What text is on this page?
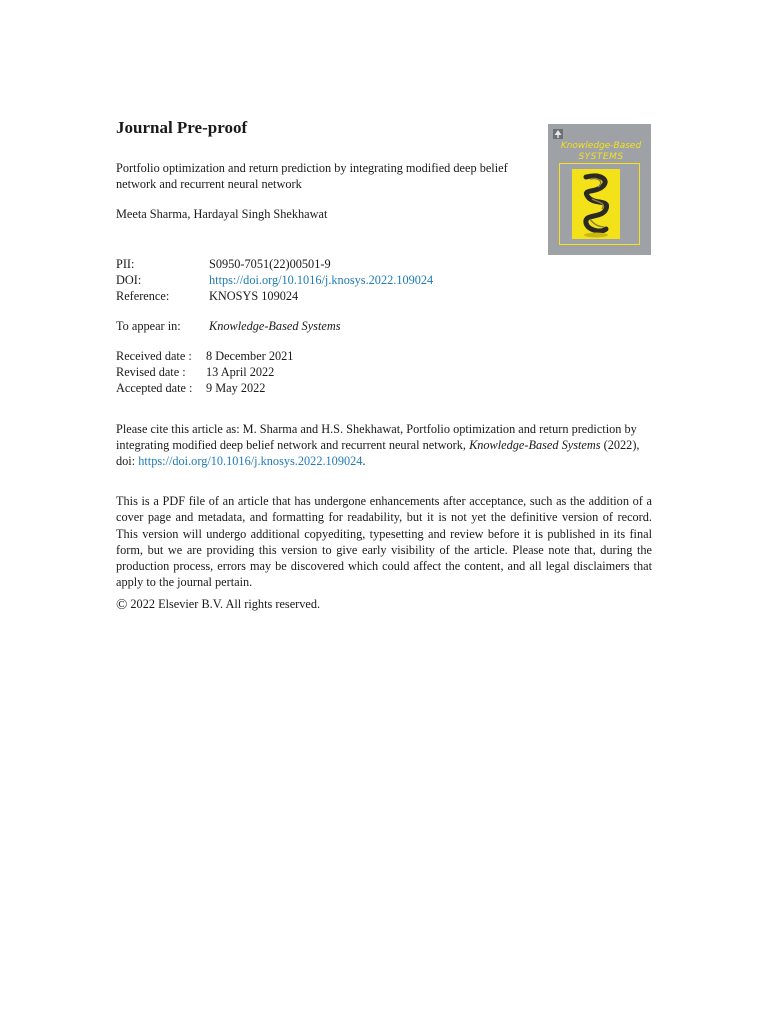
Journal Pre-proof

Portfolio optimization and return prediction by integrating modified deep belief network and recurrent neural network

Meeta Sharma, Hardayal Singh Shekhawat

PII:	S0950-7051(22)00501-9
DOI:	https://doi.org/10.1016/j.knosys.2022.109024
Reference:	KNOSYS 109024
To appear in: Knowledge-Based Systems
Received date : 8 December 2021
Revised date : 13 April 2022
Accepted date : 9 May 2022

Please cite this article as: M. Sharma and H.S. Shekhawat, Portfolio optimization and return prediction by integrating modified deep belief network and recurrent neural network, Knowledge-Based Systems (2022), doi: https://doi.org/10.1016/j.knosys.2022.109024.

This is a PDF file of an article that has undergone enhancements after acceptance, such as the addition of a cover page and metadata, and formatting for readability, but it is not yet the definitive version of record. This version will undergo additional copyediting, typesetting and review before it is published in its final form, but we are providing this version to give early visibility of the article. Please note that, during the production process, errors may be discovered which could affect the content, and all legal disclaimers that apply to the journal pertain.

© 2022 Elsevier B.V. All rights reserved.

Knowledge-Based
SYSTEMS
